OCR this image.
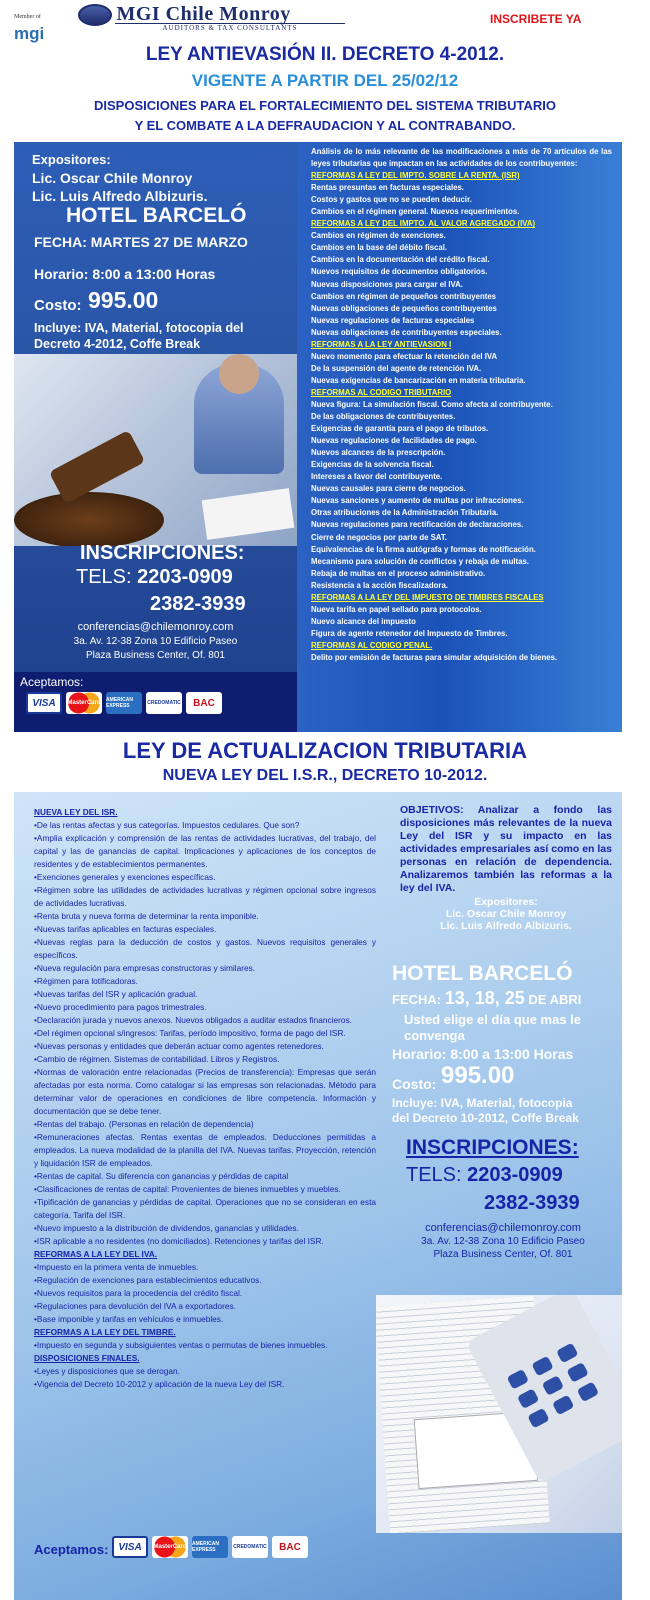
Member of
mgi
MGI Chile Monroy
AUDITORS & TAX CONSULTANTS
INSCRIBETE YA
LEY ANTIEVASIÓN II. DECRETO 4-2012.
VIGENTE A PARTIR DEL 25/02/12
DISPOSICIONES PARA EL FORTALECIMIENTO DEL SISTEMA TRIBUTARIO
Y EL COMBATE A LA DEFRAUDACION Y AL CONTRABANDO.
Expositores:
Lic. Oscar Chile Monroy
Lic. Luis Alfredo Albizuris.
HOTEL BARCELÓ
FECHA: MARTES 27 DE MARZO
Horario: 8:00 a 13:00 Horas
Costo: 995.00
Incluye: IVA, Material, fotocopia del
Decreto 4-2012, Coffe Break
INSCRIPCIONES:
TELS: 2203-0909
2382-3939
conferencias@chilemonroy.com
3a. Av. 12-38 Zona 10 Edificio Paseo
Plaza Business Center, Of. 801
Aceptamos:
VISA	MasterCard	AMERICAN EXPRESS	CREDOMATIC	BAC
Análisis de lo más relevante de las modificaciones a más de 70 artículos de las leyes tributarias que impactan en las actividades de los contribuyentes:
REFORMAS A LEY DEL IMPTO. SOBRE LA RENTA. (ISR)
Rentas presuntas en facturas especiales.
Costos y gastos que no se pueden deducir.
Cambios en el régimen general. Nuevos requerimientos.
REFORMAS A LEY DEL IMPTO. AL VALOR AGREGADO (IVA)
Cambios en régimen de exenciones.
Cambios en la base del débito fiscal.
Cambios en la documentación del crédito fiscal.
Nuevos requisitos de documentos obligatorios.
Nuevas disposiciones para cargar el IVA.
Cambios en régimen de pequeños contribuyentes
Nuevas obligaciones de pequeños contribuyentes
Nuevas regulaciones de facturas especiales
Nuevas obligaciones de contribuyentes especiales.
REFORMAS A LA LEY ANTIEVASION I
Nuevo momento para efectuar la retención del IVA
De la suspensión del agente de retención IVA.
Nuevas exigencias de bancarización en materia tributaria.
REFORMAS AL CODIGO TRIBUTARIO
Nueva figura: La simulación fiscal. Como afecta al contribuyente.
De las obligaciones de contribuyentes.
Exigencias de garantía para el pago de tributos.
Nuevas regulaciones de facilidades de pago.
Nuevos alcances de la prescripción.
Exigencias de la solvencia fiscal.
Intereses a favor del contribuyente.
Nuevas causales para cierre de negocios.
Nuevas sanciones y aumento de multas por infracciones.
Otras atribuciones de la Administración Tributaria.
Nuevas regulaciones para rectificación de declaraciones.
Cierre de negocios por parte de SAT.
Equivalencias de la firma autógrafa y formas de notificación.
Mecanismo para solución de conflictos y rebaja de multas.
Rebaja de multas en el proceso administrativo.
Resistencia a la acción fiscalizadora.
REFORMAS A LA LEY DEL IMPUESTO DE TIMBRES FISCALES
Nueva tarifa en papel sellado para protocolos.
Nuevo alcance del impuesto
Figura de agente retenedor del Impuesto de Timbres.
REFORMAS AL CODIGO PENAL.
Delito por emisión de facturas para simular adquisición de bienes.
LEY DE ACTUALIZACION TRIBUTARIA
NUEVA LEY DEL I.S.R., DECRETO 10-2012.
NUEVA LEY DEL ISR.
•De las rentas afectas y sus categorías. Impuestos cedulares. Que son?
•Amplia explicación y comprensión de las rentas de actividades lucrativas, del trabajo, del capital y las de ganancias de capital. Implicaciones y aplicaciones de los conceptos de residentes y de establecimientos permanentes.
•Exenciones generales y exenciones específicas.
•Régimen sobre las utilidades de actividades lucrativas y régimen opcional sobre ingresos de actividades lucrativas.
•Renta bruta y nueva forma de determinar la renta imponible.
•Nuevas tarifas aplicables en facturas especiales.
•Nuevas reglas para la deducción de costos y gastos. Nuevos requisitos generales y específicos.
•Nueva regulación para empresas constructoras y similares.
•Régimen para lotificadoras.
•Nuevas tarifas del ISR y aplicación gradual.
•Nuevo procedimiento para pagos trimestrales.
•Declaración jurada y nuevos anexos. Nuevos obligados a auditar estados financieros.
•Del régimen opcional s/ingresos: Tarifas, período impositivo, forma de pago del ISR.
•Nuevas personas y entidades que deberán actuar como agentes retenedores.
•Cambio de régimen. Sistemas de contabilidad. Libros y Registros.
•Normas de valoración entre relacionadas (Precios de transferencia): Empresas que serán afectadas por esta norma. Como catalogar si las empresas son relacionadas. Método para determinar valor de operaciones en condiciones de libre competencia. Información y documentación que se debe tener.
•Rentas del trabajo. (Personas en relación de dependencia)
•Remuneraciones afectas. Rentas exentas de empleados. Deducciones permitidas a empleados. La nueva modalidad de la planilla del IVA. Nuevas tarifas. Proyección, retención y liquidación ISR de empleados.
•Rentas de capital. Su diferencia con ganancias y pérdidas de capital
•Clasificaciones de rentas de capital: Provenientes de bienes inmuebles y muebles.
•Tipificación de ganancias y pérdidas de capital. Operaciones que no se consideran en esta categoría. Tarifa del ISR.
•Nuevo impuesto a la distribución de dividendos, ganancias y utilidades.
•ISR aplicable a no residentes (no domiciliados). Retenciones y tarifas del ISR.
REFORMAS A LA LEY DEL IVA.
•Impuesto en la primera venta de inmuebles.
•Regulación de exenciones para establecimientos educativos.
•Nuevos requisitos para la procedencia del crédito fiscal.
•Regulaciones para devolución del IVA a exportadores.
•Base imponible y tarifas en vehículos e inmuebles.
REFORMAS A LA LEY DEL TIMBRE.
•Impuesto en segunda y subsiguientes ventas o permutas de bienes inmuebles.
DISPOSICIONES FINALES.
•Leyes y disposiciones que se derogan.
•Vigencia del Decreto 10-2012 y aplicación de la nueva Ley del ISR.
OBJETIVOS: Analizar a fondo las disposiciones más relevantes de la nueva Ley del ISR y su impacto en las actividades empresariales así como en las personas en relación de dependencia. Analizaremos también las reformas a la ley del IVA.
Expositores:
Lic. Oscar Chile Monroy
Lic. Luis Alfredo Albizuris.
HOTEL BARCELÓ
FECHA: 13, 18, 25 DE ABRI
Usted elige el día que mas le convenga
Horario: 8:00 a 13:00 Horas
Costo: 995.00
Incluye: IVA, Material, fotocopia
del Decreto 10-2012, Coffe Break
INSCRIPCIONES:
TELS: 2203-0909
2382-3939
conferencias@chilemonroy.com
3a. Av. 12-38 Zona 10 Edificio Paseo
Plaza Business Center, Of. 801
Aceptamos: VISA	MasterCard	AMERICAN EXPRESS	CREDOMATIC	BAC
